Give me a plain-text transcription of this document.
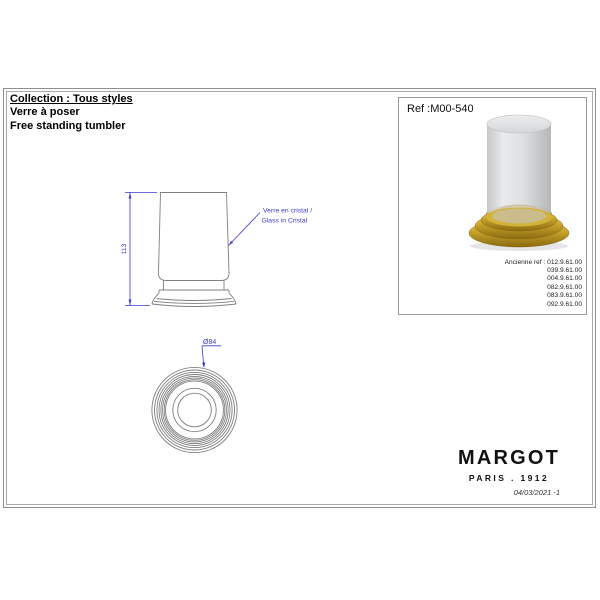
Collection : Tous styles
Verre à poser
Free standing tumbler
Ref :M00-540
Ancienne ref : 012.9.61.00
039.9.61.00
004.9.61.00
082.9.61.00
083.9.61.00
092.9.61.00
113
Verre en cristal /
Glass in Cristal
Ø84
MARGOT
PARIS . 1912
04/03/2021 -1
